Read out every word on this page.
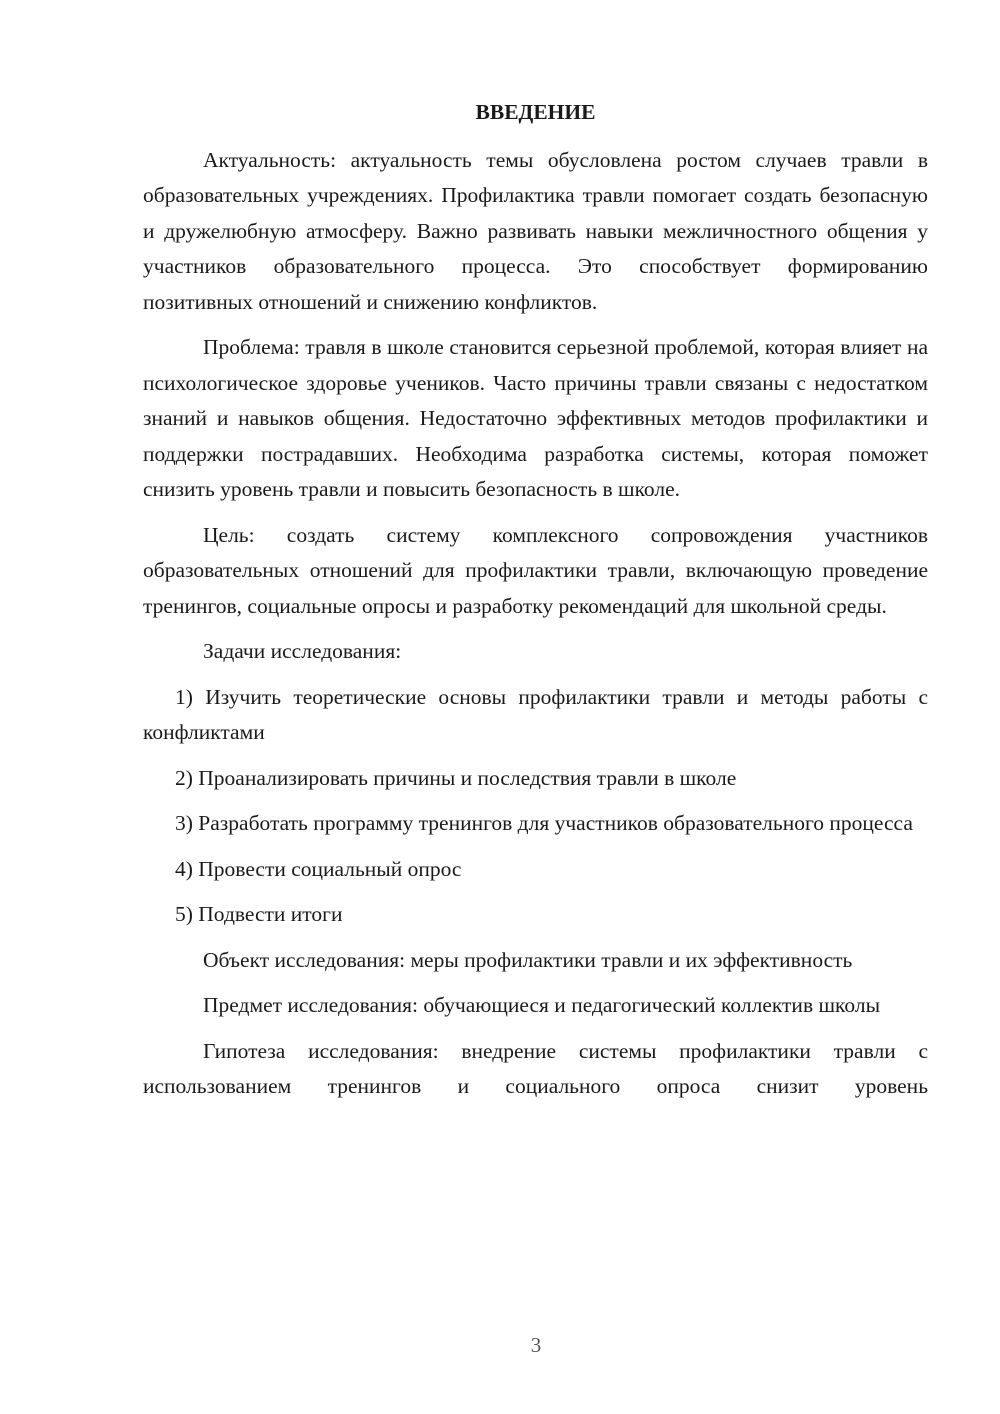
ВВЕДЕНИЕ

Актуальность: актуальность темы обусловлена ростом случаев травли в образовательных учреждениях. Профилактика травли помогает создать безопасную и дружелюбную атмосферу. Важно развивать навыки межличностного общения у участников образовательного процесса. Это способствует формированию позитивных отношений и снижению конфликтов.

Проблема: травля в школе становится серьезной проблемой, которая влияет на психологическое здоровье учеников. Часто причины травли связаны с недостатком знаний и навыков общения. Недостаточно эффективных методов профилактики и поддержки пострадавших. Необходима разработка системы, которая поможет снизить уровень травли и повысить безопасность в школе.

Цель: создать систему комплексного сопровождения участников образовательных отношений для профилактики травли, включающую проведение тренингов, социальные опросы и разработку рекомендаций для школьной среды.

Задачи исследования:

1) Изучить теоретические основы профилактики травли и методы работы с конфликтами

2) Проанализировать причины и последствия травли в школе

3) Разработать программу тренингов для участников образовательного процесса

4) Провести социальный опрос

5) Подвести итоги

Объект исследования: меры профилактики травли и их эффективность

Предмет исследования: обучающиеся и педагогический коллектив школы

Гипотеза исследования: внедрение системы профилактики травли с использованием тренингов и социального опроса снизит уровень

3
